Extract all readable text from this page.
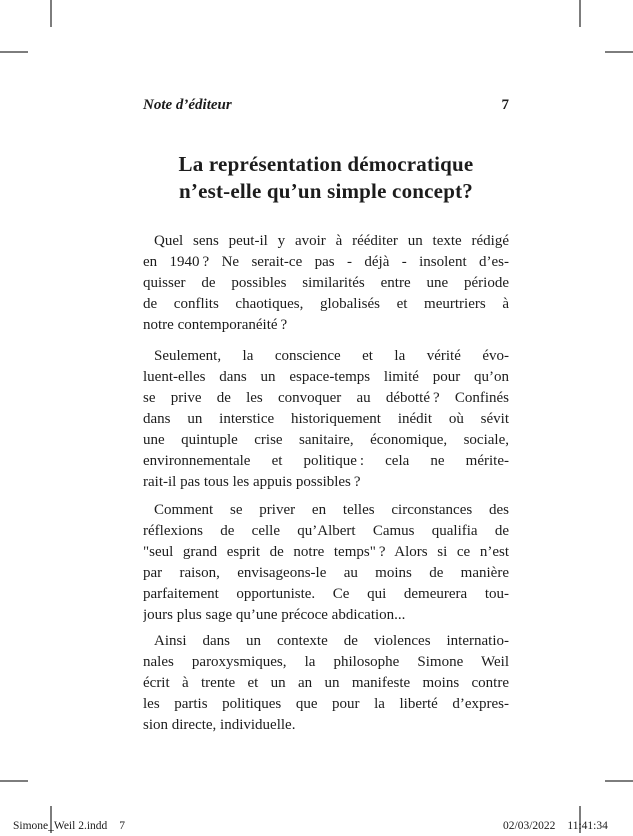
Note d’éditeur	7
La représentation démocratique
n’est-elle qu’un simple concept?
Quel sens peut-il y avoir à rééditer un texte rédigé
en 1940 ? Ne serait-ce pas - déjà - insolent d’es-
quisser de possibles similarités entre une période
de conflits chaotiques, globalisés et meurtriers à
notre contemporanéité ?
Seulement, la conscience et la vérité évo-
luent-elles dans un espace-temps limité pour qu’on
se prive de les convoquer au débotté ? Confinés
dans un interstice historiquement inédit où sévit
une quintuple crise sanitaire, économique, sociale,
environnementale et politique : cela ne mérite-
rait-il pas tous les appuis possibles ?
Comment se priver en telles circonstances des
réflexions de celle qu’Albert Camus qualifia de
"seul grand esprit de notre temps" ? Alors si ce n’est
par raison, envisageons-le au moins de manière
parfaitement opportuniste. Ce qui demeurera tou-
jours plus sage qu’une précoce abdication...
Ainsi dans un contexte de violences internatio-
nales paroxysmiques, la philosophe Simone Weil
écrit à trente et un an un manifeste moins contre
les partis politiques que pour la liberté d’expres-
sion directe, individuelle.
Simone_Weil 2.indd 7	02/03/2022 11:41:34
